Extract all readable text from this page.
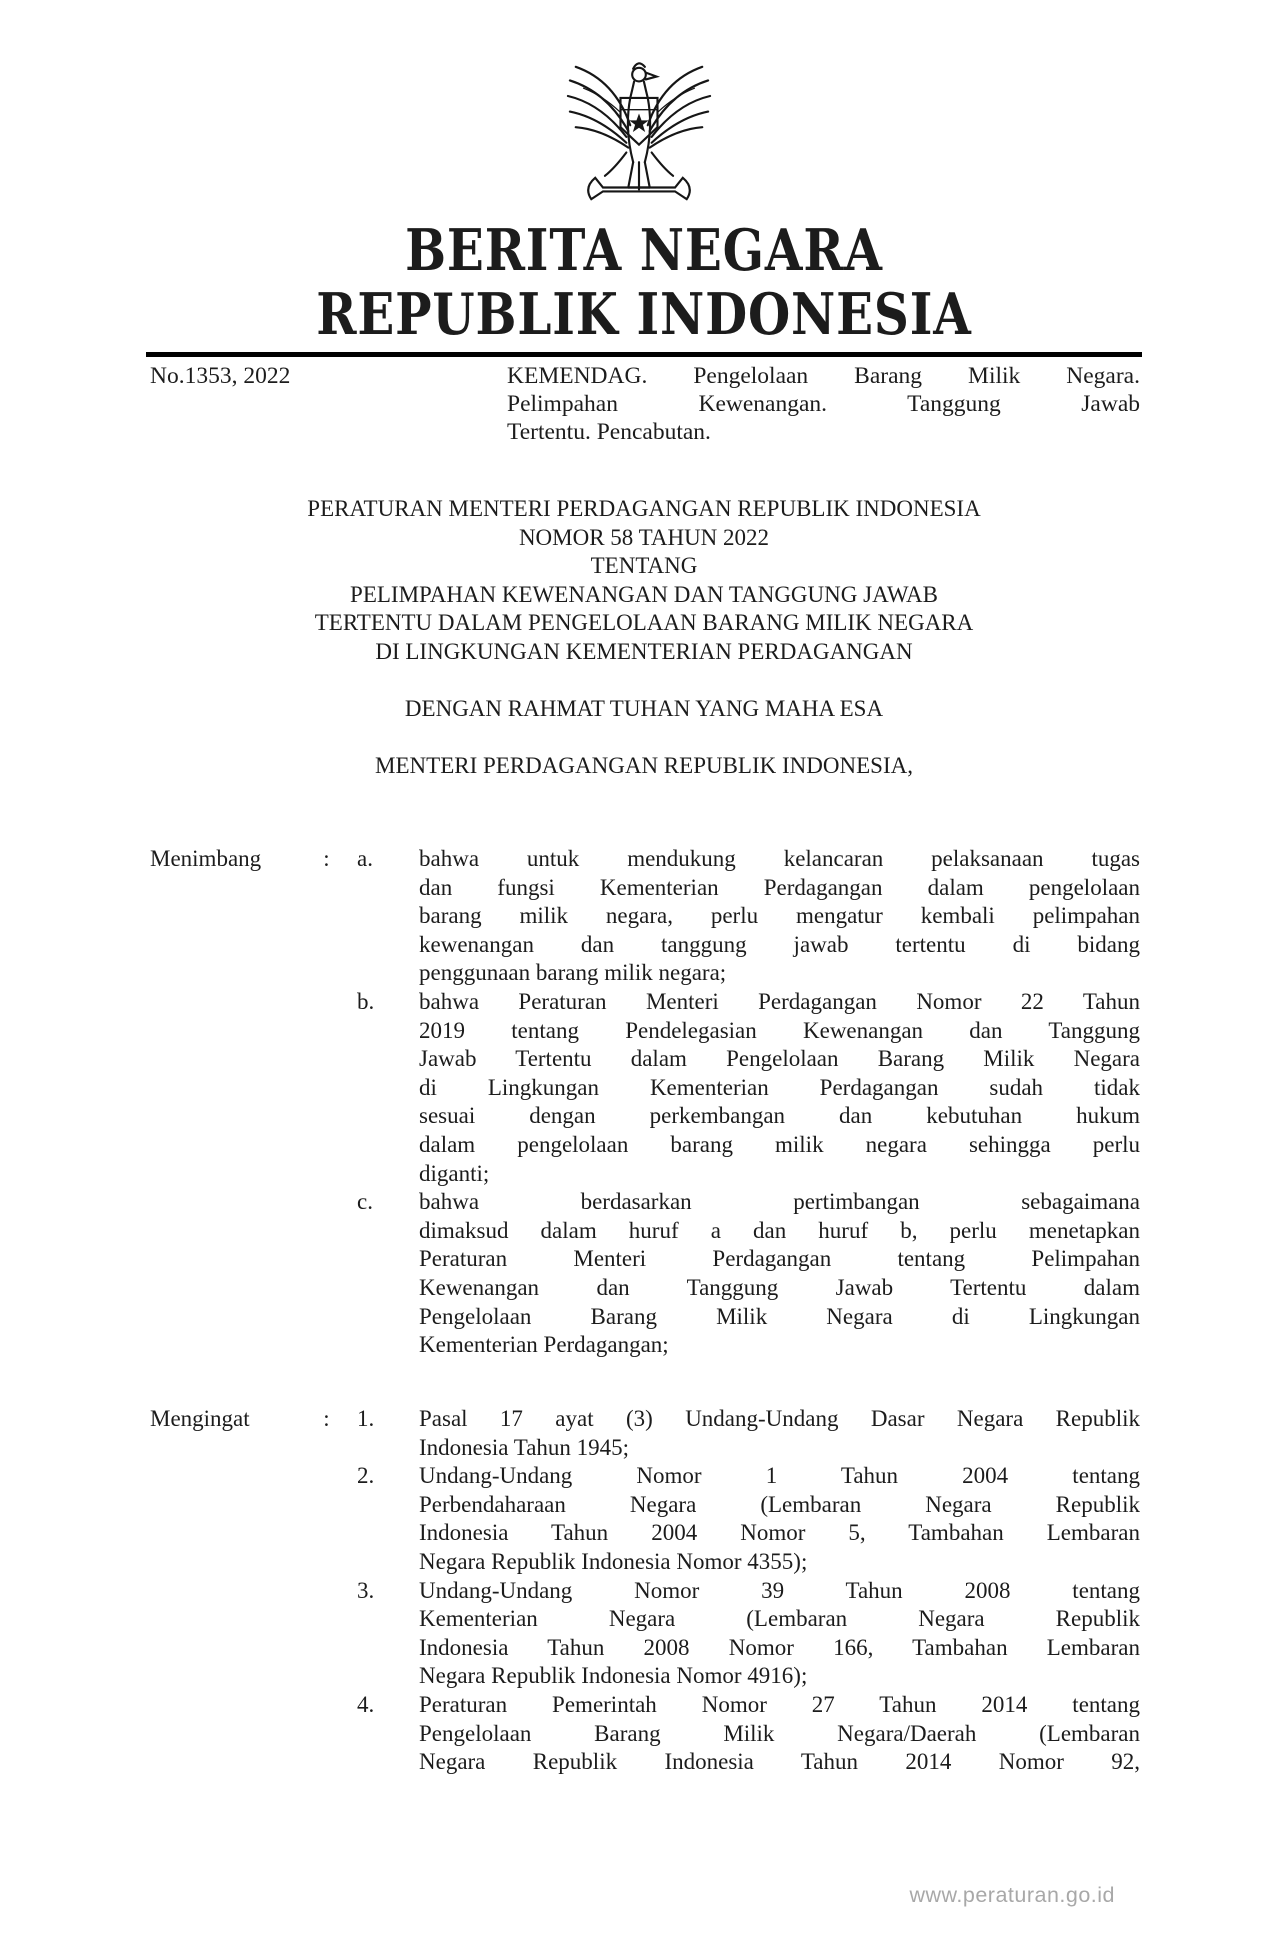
BERITA NEGARA
REPUBLIK INDONESIA
No.1353, 2022	KEMENDAG. Pengelolaan Barang Milik Negara.
Pelimpahan Kewenangan. Tanggung Jawab
Tertentu. Pencabutan.
PERATURAN MENTERI PERDAGANGAN REPUBLIK INDONESIA
NOMOR 58 TAHUN 2022
TENTANG
PELIMPAHAN KEWENANGAN DAN TANGGUNG JAWAB
TERTENTU DALAM PENGELOLAAN BARANG MILIK NEGARA
DI LINGKUNGAN KEMENTERIAN PERDAGANGAN
DENGAN RAHMAT TUHAN YANG MAHA ESA
MENTERI PERDAGANGAN REPUBLIK INDONESIA,
Menimbang	:	a.	bahwa untuk mendukung kelancaran pelaksanaan tugas
dan fungsi Kementerian Perdagangan dalam pengelolaan
barang milik negara, perlu mengatur kembali pelimpahan
kewenangan dan tanggung jawab tertentu di bidang
penggunaan barang milik negara;
b.	bahwa Peraturan Menteri Perdagangan Nomor 22 Tahun
2019 tentang Pendelegasian Kewenangan dan Tanggung
Jawab Tertentu dalam Pengelolaan Barang Milik Negara
di Lingkungan Kementerian Perdagangan sudah tidak
sesuai dengan perkembangan dan kebutuhan hukum
dalam pengelolaan barang milik negara sehingga perlu
diganti;
c.	bahwa berdasarkan pertimbangan sebagaimana
dimaksud dalam huruf a dan huruf b, perlu menetapkan
Peraturan Menteri Perdagangan tentang Pelimpahan
Kewenangan dan Tanggung Jawab Tertentu dalam
Pengelolaan Barang Milik Negara di Lingkungan
Kementerian Perdagangan;
Mengingat	:	1.	Pasal 17 ayat (3) Undang-Undang Dasar Negara Republik
Indonesia Tahun 1945;
2.	Undang-Undang Nomor 1 Tahun 2004 tentang
Perbendaharaan Negara (Lembaran Negara Republik
Indonesia Tahun 2004 Nomor 5, Tambahan Lembaran
Negara Republik Indonesia Nomor 4355);
3.	Undang-Undang Nomor 39 Tahun 2008 tentang
Kementerian Negara (Lembaran Negara Republik
Indonesia Tahun 2008 Nomor 166, Tambahan Lembaran
Negara Republik Indonesia Nomor 4916);
4.	Peraturan Pemerintah Nomor 27 Tahun 2014 tentang
Pengelolaan Barang Milik Negara/Daerah (Lembaran
Negara Republik Indonesia Tahun 2014 Nomor 92,
www.peraturan.go.id
